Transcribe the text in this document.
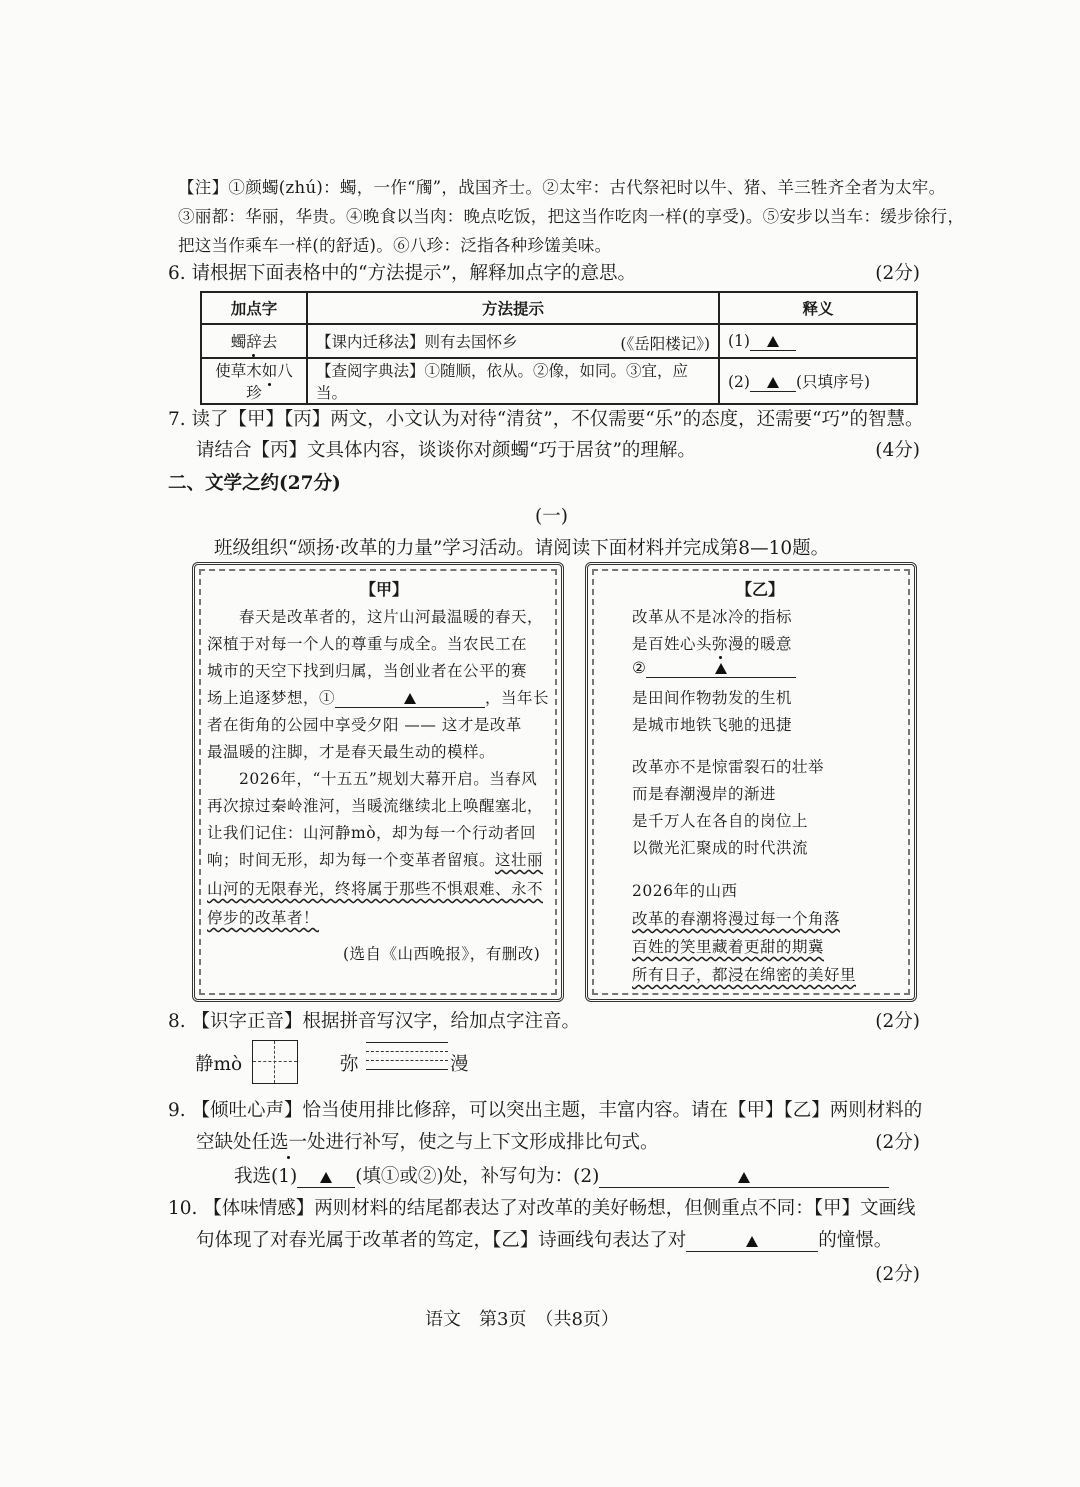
【注】①颜蠋(zhú)：蠋，一作“斶”，战国齐士。②太牢：古代祭祀时以牛、猪、羊三牲齐全者为太牢。
③丽都：华丽，华贵。④晚食以当肉：晚点吃饭，把这当作吃肉一样(的享受)。⑤安步以当车：缓步徐行，
把这当作乘车一样(的舒适)。⑥八珍：泛指各种珍馐美味。
6. 请根据下面表格中的“方法提示”，解释加点字的意思。	(2分)
加点字	方法提示	释义
蠋辞去	【课内迁移法】则有去国怀乡 (《岳阳楼记》)	(1)
使草木如八珍	【查阅字典法】①随顺，依从。②像，如同。③宜，应当。	(2) (只填序号)
7. 读了【甲】【丙】两文，小文认为对待“清贫”，不仅需要“乐”的态度，还需要“巧”的智慧。
请结合【丙】文具体内容，谈谈你对颜蠋“巧于居贫”的理解。	(4分)
二、文学之约(27分)
(一)
班级组织“颂扬·改革的力量”学习活动。请阅读下面材料并完成第8—10题。
【甲】
春天是改革者的，这片山河最温暖的春天，
深植于对每一个人的尊重与成全。当农民工在
城市的天空下找到归属，当创业者在公平的赛
场上追逐梦想，①	，当年长
者在街角的公园中享受夕阳 —— 这才是改革
最温暖的注脚，才是春天最生动的模样。
2026年，“十五五”规划大幕开启。当春风
再次掠过秦岭淮河，当暖流继续北上唤醒塞北，
让我们记住：山河静mò，却为每一个行动者回
响；时间无形，却为每一个变革者留痕。这壮丽
山河的无限春光，终将属于那些不惧艰难、永不
停步的改革者！
(选自《山西晚报》，有删改)
【乙】
改革从不是冰冷的指标
是百姓心头弥漫的暖意
②
是田间作物勃发的生机
是城市地铁飞驰的迅捷
改革亦不是惊雷裂石的壮举
而是春潮漫岸的渐进
是千万人在各自的岗位上
以微光汇聚成的时代洪流
2026年的山西
改革的春潮将漫过每一个角落
百姓的笑里藏着更甜的期冀
所有日子，都浸在绵密的美好里
8. 【识字正音】根据拼音写汉字，给加点字注音。	(2分)
静mò	弥	漫
9. 【倾吐心声】恰当使用排比修辞，可以突出主题，丰富内容。请在【甲】【乙】两则材料的
空缺处任选一处进行补写，使之与上下文形成排比句式。	(2分)
我选(1)	(填①或②)处，补写句为：(2)
10. 【体味情感】两则材料的结尾都表达了对改革的美好畅想，但侧重点不同：【甲】文画线
句体现了对春光属于改革者的笃定，【乙】诗画线句表达了对	的憧憬。
(2分)
语文　第3页　（共8页）
